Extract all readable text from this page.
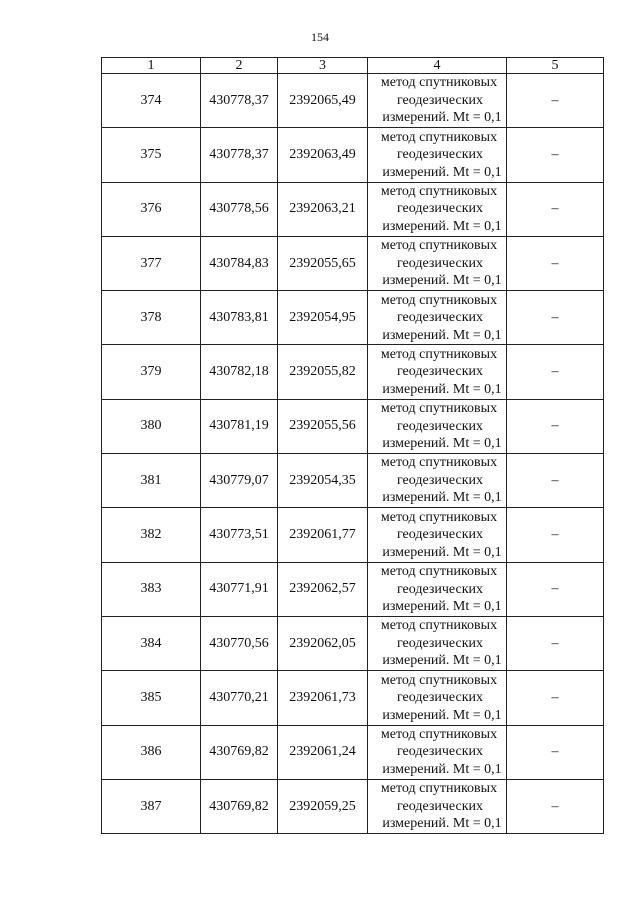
154
1	2	3	4	5
374	430778,37	2392065,49	метод спутниковых
геодезических
измерений. Mt = 0,1	–
375	430778,37	2392063,49	метод спутниковых
геодезических
измерений. Mt = 0,1	–
376	430778,56	2392063,21	метод спутниковых
геодезических
измерений. Mt = 0,1	–
377	430784,83	2392055,65	метод спутниковых
геодезических
измерений. Mt = 0,1	–
378	430783,81	2392054,95	метод спутниковых
геодезических
измерений. Mt = 0,1	–
379	430782,18	2392055,82	метод спутниковых
геодезических
измерений. Mt = 0,1	–
380	430781,19	2392055,56	метод спутниковых
геодезических
измерений. Mt = 0,1	–
381	430779,07	2392054,35	метод спутниковых
геодезических
измерений. Mt = 0,1	–
382	430773,51	2392061,77	метод спутниковых
геодезических
измерений. Mt = 0,1	–
383	430771,91	2392062,57	метод спутниковых
геодезических
измерений. Mt = 0,1	–
384	430770,56	2392062,05	метод спутниковых
геодезических
измерений. Mt = 0,1	–
385	430770,21	2392061,73	метод спутниковых
геодезических
измерений. Mt = 0,1	–
386	430769,82	2392061,24	метод спутниковых
геодезических
измерений. Mt = 0,1	–
387	430769,82	2392059,25	метод спутниковых
геодезических
измерений. Mt = 0,1	–
